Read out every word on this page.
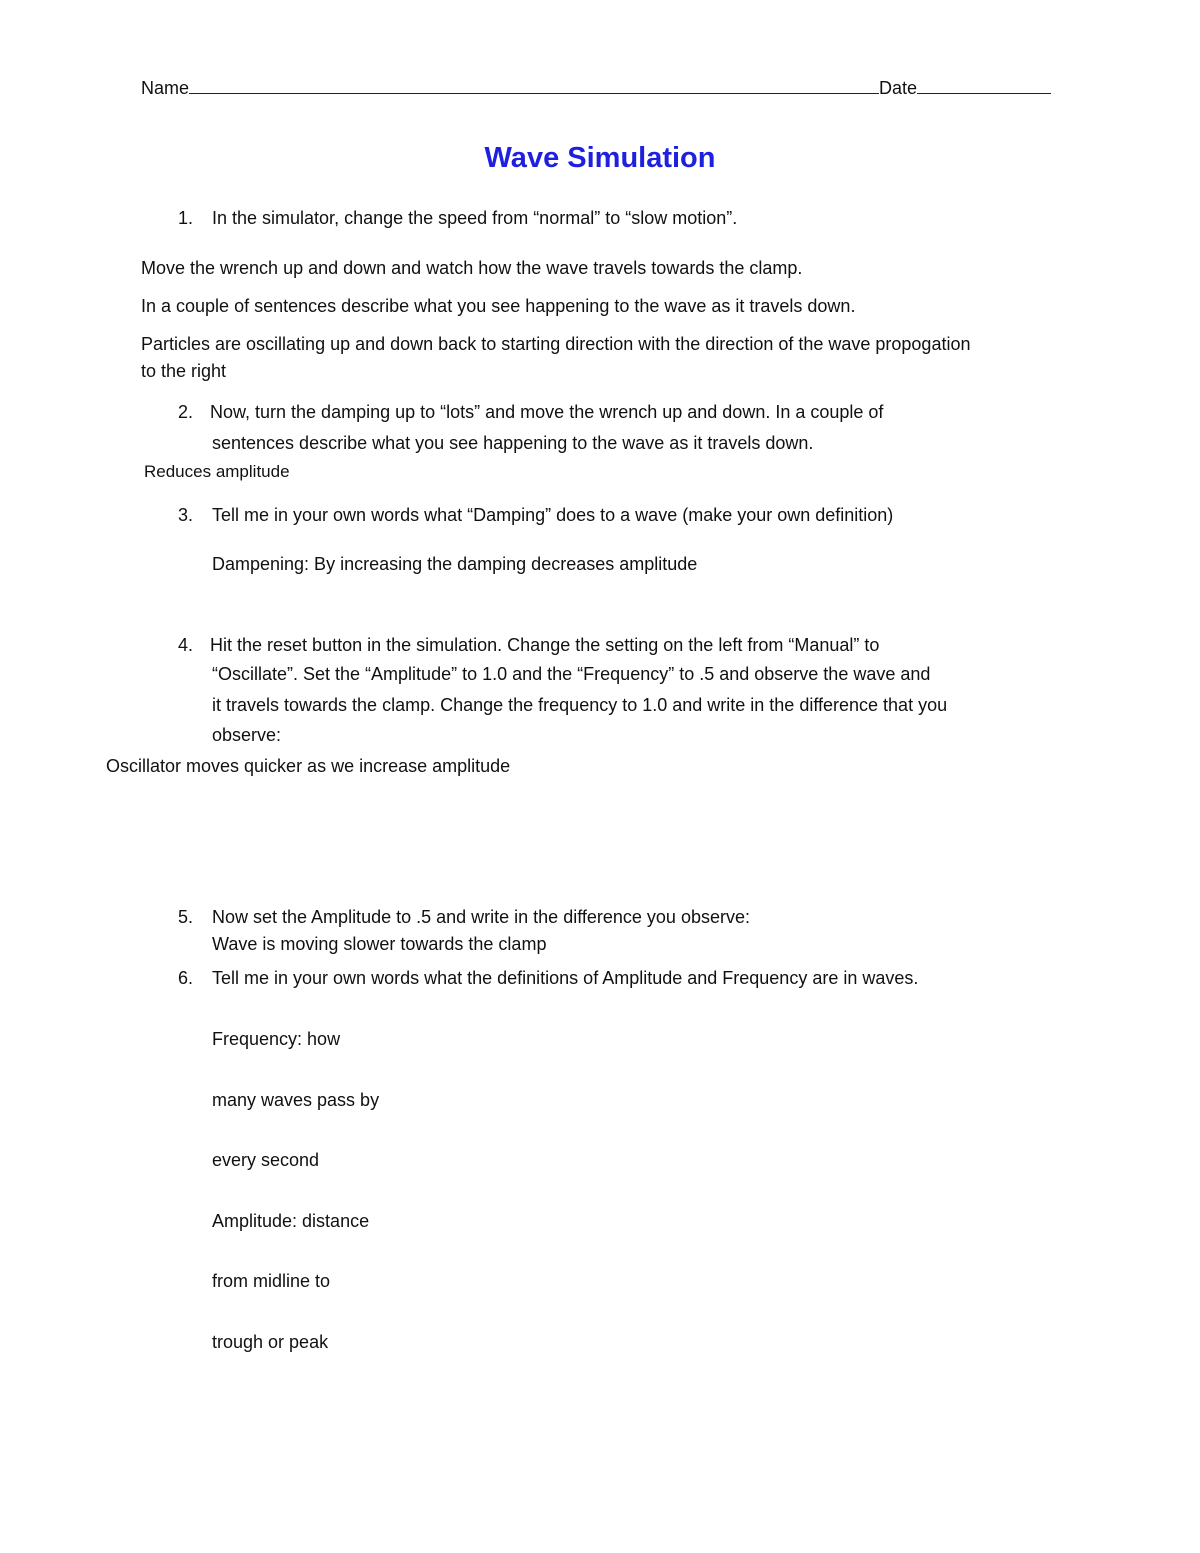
Name	Date
Wave Simulation
1. In the simulator, change the speed from “normal” to “slow motion”.
Move the wrench up and down and watch how the wave travels towards the clamp.
In a couple of sentences describe what you see happening to the wave as it travels down.
Particles are oscillating up and down back to starting direction with the direction of the wave propogation
to the right
2. Now, turn the damping up to “lots” and move the wrench up and down. In a couple of
sentences describe what you see happening to the wave as it travels down.
Reduces amplitude
3. Tell me in your own words what “Damping” does to a wave (make your own definition)
Dampening: By increasing the damping decreases amplitude
4. Hit the reset button in the simulation. Change the setting on the left from “Manual” to
“Oscillate”. Set the “Amplitude” to 1.0 and the “Frequency” to .5 and observe the wave and
it travels towards the clamp. Change the frequency to 1.0 and write in the difference that you
observe:
Oscillator moves quicker as we increase amplitude
5. Now set the Amplitude to .5 and write in the difference you observe:
Wave is moving slower towards the clamp
6. Tell me in your own words what the definitions of Amplitude and Frequency are in waves.
Frequency: how
many waves pass by
every second
Amplitude: distance
from midline to
trough or peak
